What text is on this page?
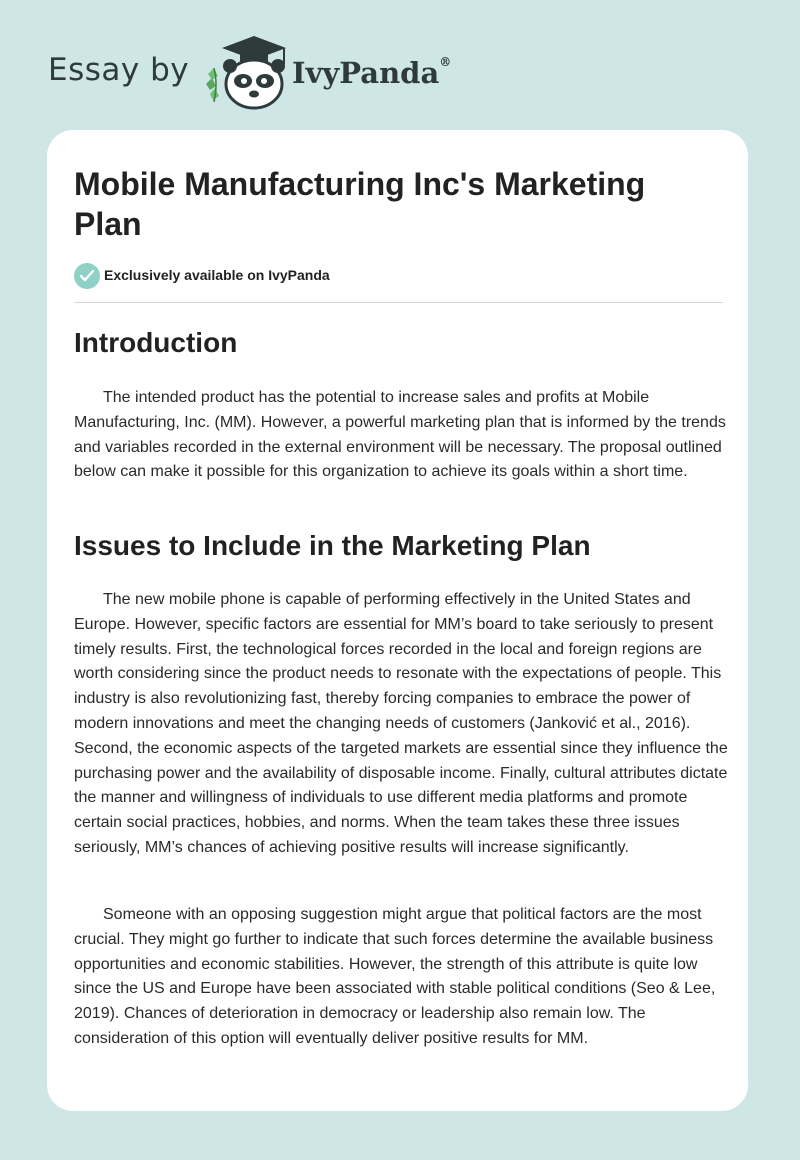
Essay by	IvyPanda®
Mobile Manufacturing Inc's Marketing Plan
Exclusively available on IvyPanda
Introduction

The intended product has the potential to increase sales and profits at Mobile Manufacturing, Inc. (MM). However, a powerful marketing plan that is informed by the trends and variables recorded in the external environment will be necessary. The proposal outlined below can make it possible for this organization to achieve its goals within a short time.

Issues to Include in the Marketing Plan

The new mobile phone is capable of performing effectively in the United States and Europe. However, specific factors are essential for MM’s board to take seriously to present timely results. First, the technological forces recorded in the local and foreign regions are worth considering since the product needs to resonate with the expectations of people. This industry is also revolutionizing fast, thereby forcing companies to embrace the power of modern innovations and meet the changing needs of customers (Janković et al., 2016). Second, the economic aspects of the targeted markets are essential since they influence the purchasing power and the availability of disposable income. Finally, cultural attributes dictate the manner and willingness of individuals to use different media platforms and promote certain social practices, hobbies, and norms. When the team takes these three issues seriously, MM’s chances of achieving positive results will increase significantly.

Someone with an opposing suggestion might argue that political factors are the most crucial. They might go further to indicate that such forces determine the available business opportunities and economic stabilities. However, the strength of this attribute is quite low since the US and Europe have been associated with stable political conditions (Seo & Lee, 2019). Chances of deterioration in democracy or leadership also remain low. The consideration of this option will eventually deliver positive results for MM.
